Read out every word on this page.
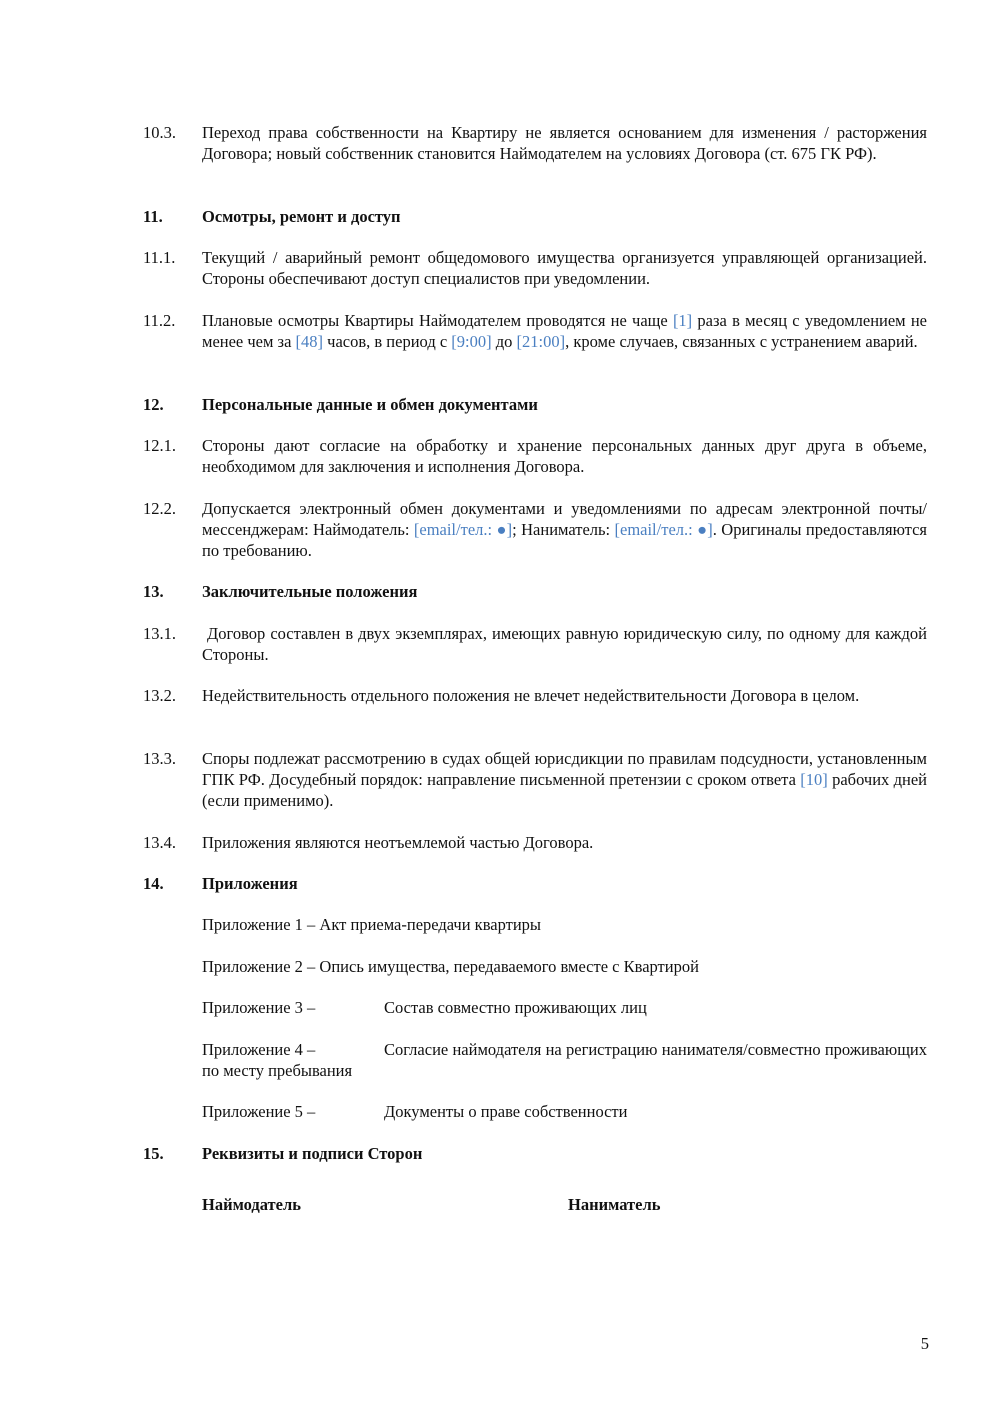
10.3.	Переход права собственности на Квартиру не является основанием для изменения / расторжения Договора; новый собственник становится Наймодателем на условиях Договора (ст. 675 ГК РФ).
11.	Осмотры, ремонт и доступ
11.1.	Текущий / аварийный ремонт общедомового имущества организуется управляющей организацией. Стороны обеспечивают доступ специалистов при уведомлении.
11.2.	Плановые осмотры Квартиры Наймодателем проводятся не чаще [1] раза в месяц с уведомлением не менее чем за [48] часов, в период с [9:00] до [21:00], кроме случаев, связанных с устранением аварий.
12.	Персональные данные и обмен документами
12.1.	Стороны дают согласие на обработку и хранение персональных данных друг друга в объеме, необходимом для заключения и исполнения Договора.
12.2.	Допускается электронный обмен документами и уведомлениями по адресам электронной почты/мессенджерам: Наймодатель: [email/тел.: ●]; Наниматель: [email/тел.: ●]. Оригиналы предоставляются по требованию.
13.	Заключительные положения
13.1.	Договор составлен в двух экземплярах, имеющих равную юридическую силу, по одному для каждой Стороны.
13.2.	Недействительность отдельного положения не влечет недействительности Договора в целом.
13.3.	Споры подлежат рассмотрению в судах общей юрисдикции по правилам подсудности, установленным ГПК РФ. Досудебный порядок: направление письменной претензии с сроком ответа [10] рабочих дней (если применимо).
13.4.	Приложения являются неотъемлемой частью Договора.
14.	Приложения
Приложение 1 – Акт приема-передачи квартиры
Приложение 2 – Опись имущества, передаваемого вместе с Квартирой
Приложение 3 –	Состав совместно проживающих лиц
Приложение 4 –	Согласие наймодателя на регистрацию нанимателя/совместно проживающих по месту пребывания
Приложение 5 –	Документы о праве собственности
15.	Реквизиты и подписи Сторон
Наймодатель	Наниматель
5
